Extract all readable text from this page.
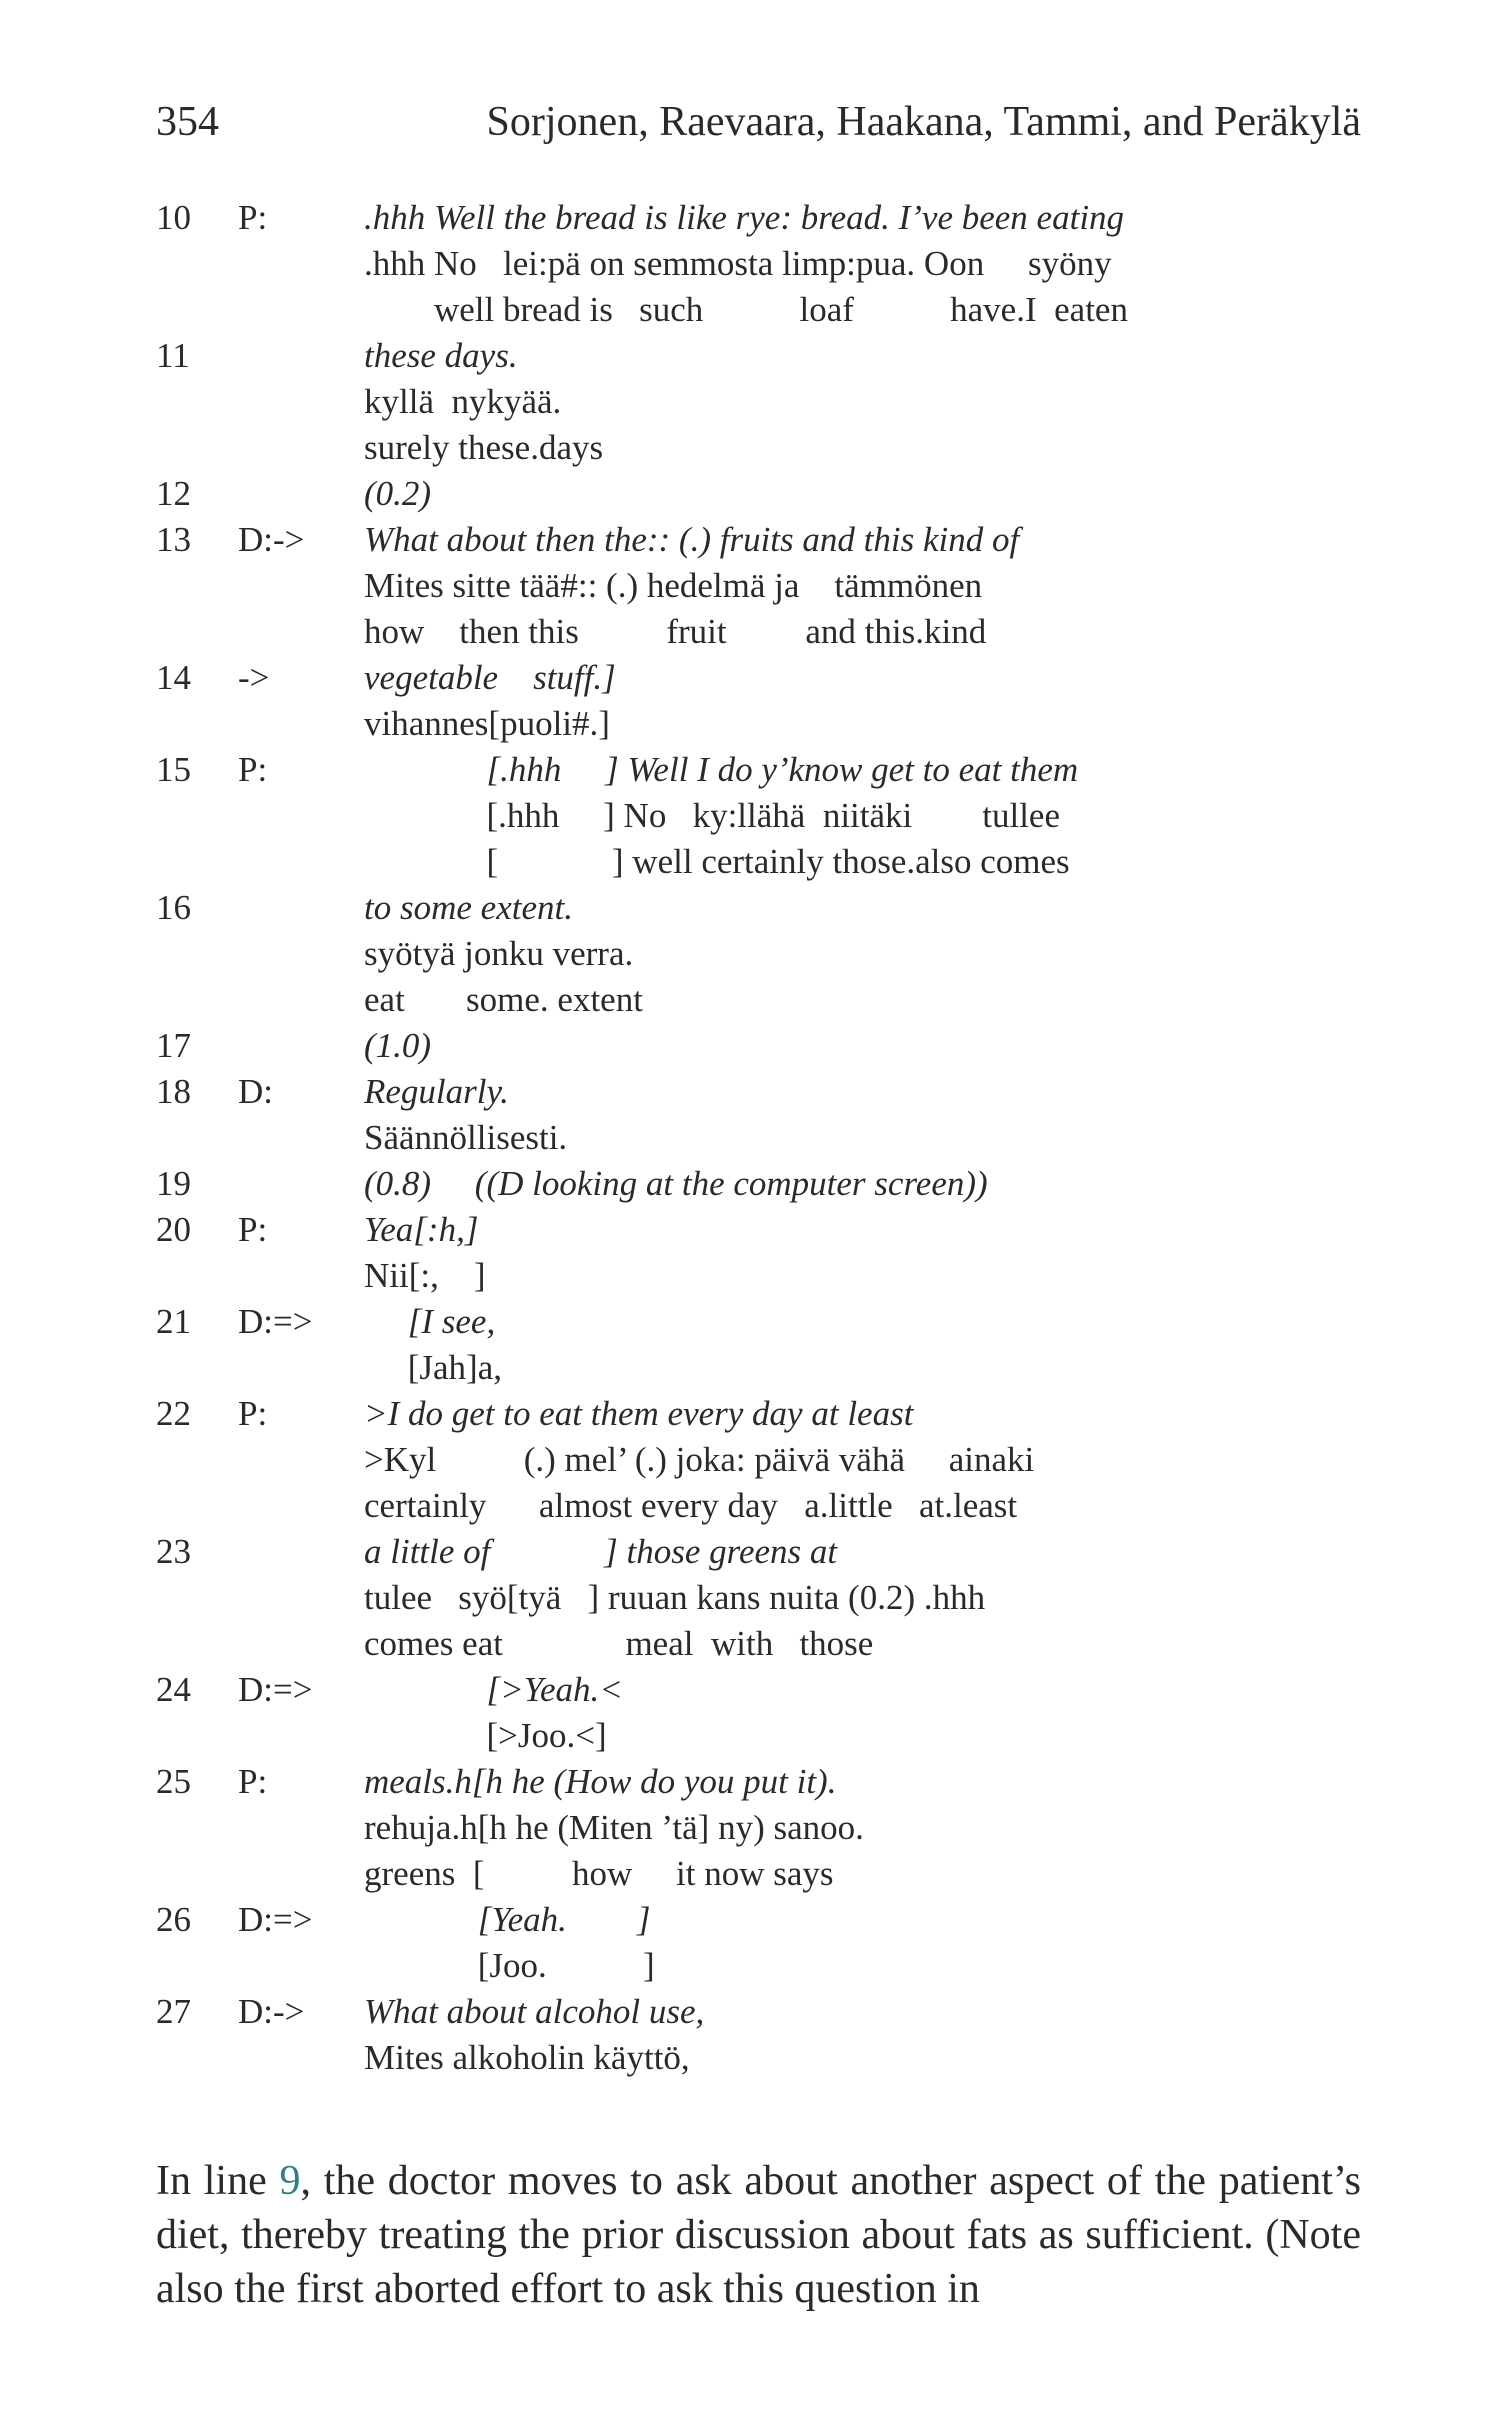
354	Sorjonen, Raevaara, Haakana, Tammi, and Peräkylä
10 P:	.hhh Well the bread is like rye: bread. I’ve been eating
.hhh No   lei:pä on semmosta limp:pua. Oon     syöny
well bread is   such           loaf           have.I  eaten
11	these days.
kyllä  nykyää.
surely these.days
12	(0.2)
13 D:-> What about then the:: (.) fruits and this kind of
Mites sitte tää#:: (.) hedelmä ja    tämmönen
how    then this          fruit         and this.kind
14 ->	vegetable    stuff.]
vihannes[puoli#.]
15 P:	[.hhh     ] Well I do y’know get to eat them
[.hhh     ] No   ky:llähä  niitäki        tullee
[             ] well certainly those.also comes
16	to some extent.
syötyä jonku verra.
eat       some. extent
17	(1.0)
18 D:	Regularly.
Säännöllisesti.
19	(0.8)     ((D looking at the computer screen))
20 P:	Yea[:h,]
Nii[:,    ]
21 D:=> [I see,
[Jah]a,
22 P:	>I do get to eat them every day at least
>Kyl          (.) mel’ (.) joka: päivä vähä     ainaki
certainly      almost every day   a.little   at.least
23	a little of             ] those greens at
tulee   syö[tyä   ] ruuan kans nuita (0.2) .hhh
comes eat              meal  with   those
24 D:=> [>Yeah.<
[>Joo.<]
25 P:	meals.h[h he (How do you put it).
rehuja.h[h he (Miten ’tä] ny) sanoo.
greens  [          how     it now says
26 D:=> [Yeah.        ]
[Joo.           ]
27 D:-> What about alcohol use,
Mites alkoholin käyttö,
In line 9, the doctor moves to ask about another aspect of the patient’s diet, thereby treating the prior discussion about fats as sufficient. (Note also the first aborted effort to ask this question in
